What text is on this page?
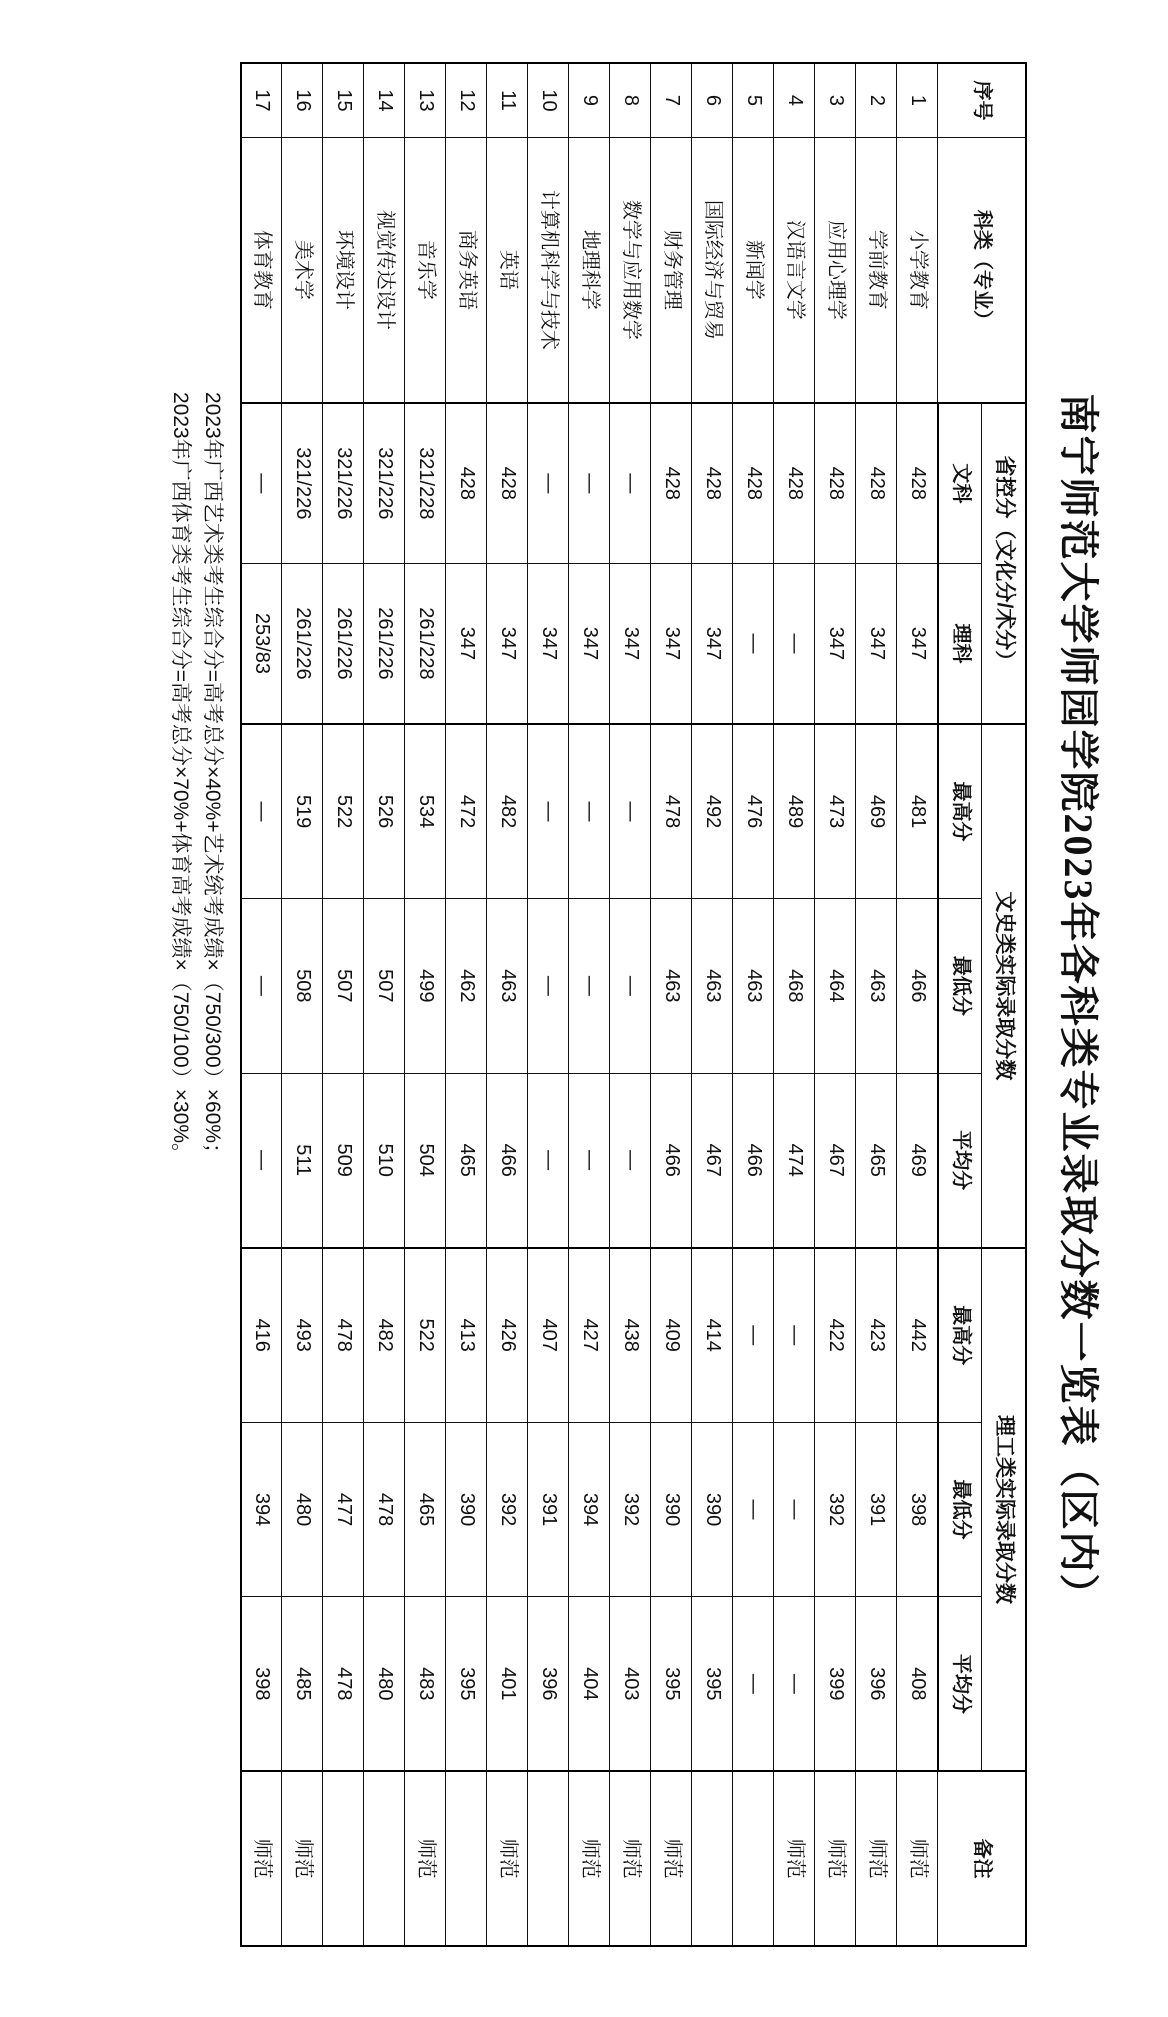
南宁师范大学师园学院2023年各科类专业录取分数一览表（区内）
序号	科类（专业）	省控分（文化分/术分）		文史类实际录取分数			理工类实际录取分数			备注
		文科	理科	最高分	最低分	平均分	最高分	最低分	平均分	
1	小学教育	428	347	481	466	469	442	398	408	师范
2	学前教育	428	347	469	463	465	423	391	396	师范
3	应用心理学	428	347	473	464	467	422	392	399	师范
4	汉语言文学	428	—	489	468	474	—	—	—	师范
5	新闻学	428	—	476	463	466	—	—	—	
6	国际经济与贸易	428	347	492	463	467	414	390	395	
7	财务管理	428	347	478	463	466	409	390	395	师范
8	数学与应用数学	—	347	—	—	—	438	392	403	师范
9	地理科学	—	347	—	—	—	427	394	404	师范
10	计算机科学与技术	—	347	—	—	—	407	391	396	
11	英语	428	347	482	463	466	426	392	401	师范
12	商务英语	428	347	472	462	465	413	390	395	
13	音乐学	321/228	261/228	534	499	504	522	465	483	师范
14	视觉传达设计	321/226	261/226	526	507	510	482	478	480	
15	环境设计	321/226	261/226	522	507	509	478	477	478	
16	美术学	321/226	261/226	519	508	511	493	480	485	师范
17	体育教育	—	253/83	—	—	—	416	394	398	师范
2023年广西艺术类考生综合分=高考总分×40%+艺术统考成绩×（750/300）×60%；
2023年广西体育类考生综合分=高考总分×70%+体育高考成绩×（750/100）×30%。
